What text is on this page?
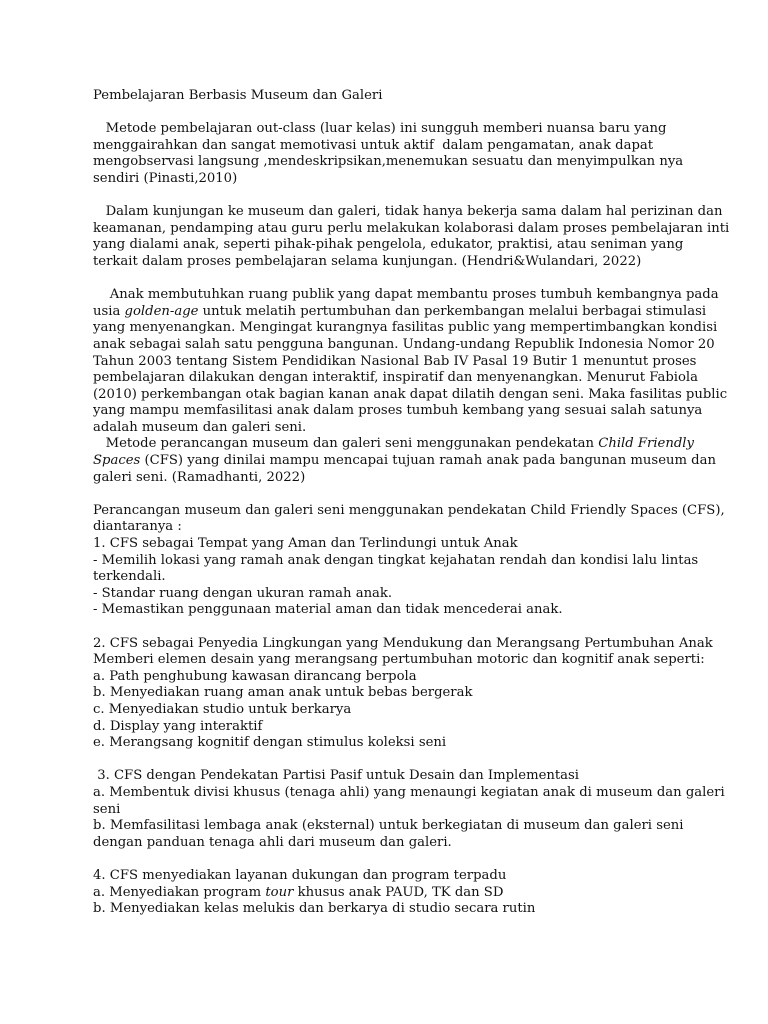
Pembelajaran Berbasis Museum dan Galeri
Metode pembelajaran out-class (luar kelas) ini sungguh memberi nuansa baru yang
menggairahkan dan sangat memotivasi untuk aktif  dalam pengamatan, anak dapat
mengobservasi langsung ,mendeskripsikan,menemukan sesuatu dan menyimpulkan nya
sendiri (Pinasti,2010)
Dalam kunjungan ke museum dan galeri, tidak hanya bekerja sama dalam hal perizinan dan
keamanan, pendamping atau guru perlu melakukan kolaborasi dalam proses pembelajaran inti
yang dialami anak, seperti pihak-pihak pengelola, edukator, praktisi, atau seniman yang
terkait dalam proses pembelajaran selama kunjungan. (Hendri&Wulandari, 2022)
Anak membutuhkan ruang publik yang dapat membantu proses tumbuh kembangnya pada
usia golden-age untuk melatih pertumbuhan dan perkembangan melalui berbagai stimulasi
yang menyenangkan. Mengingat kurangnya fasilitas public yang mempertimbangkan kondisi
anak sebagai salah satu pengguna bangunan. Undang-undang Republik Indonesia Nomor 20
Tahun 2003 tentang Sistem Pendidikan Nasional Bab IV Pasal 19 Butir 1 menuntut proses
pembelajaran dilakukan dengan interaktif, inspiratif dan menyenangkan. Menurut Fabiola
(2010) perkembangan otak bagian kanan anak dapat dilatih dengan seni. Maka fasilitas public
yang mampu memfasilitasi anak dalam proses tumbuh kembang yang sesuai salah satunya
adalah museum dan galeri seni.
Metode perancangan museum dan galeri seni menggunakan pendekatan Child Friendly
Spaces (CFS) yang dinilai mampu mencapai tujuan ramah anak pada bangunan museum dan
galeri seni. (Ramadhanti, 2022)
Perancangan museum dan galeri seni menggunakan pendekatan Child Friendly Spaces (CFS),
diantaranya :
1. CFS sebagai Tempat yang Aman dan Terlindungi untuk Anak
- Memilih lokasi yang ramah anak dengan tingkat kejahatan rendah dan kondisi lalu lintas
terkendali.
- Standar ruang dengan ukuran ramah anak.
- Memastikan penggunaan material aman dan tidak mencederai anak.
2. CFS sebagai Penyedia Lingkungan yang Mendukung dan Merangsang Pertumbuhan Anak
Memberi elemen desain yang merangsang pertumbuhan motoric dan kognitif anak seperti:
a. Path penghubung kawasan dirancang berpola
b. Menyediakan ruang aman anak untuk bebas bergerak
c. Menyediakan studio untuk berkarya
d. Display yang interaktif
e. Merangsang kognitif dengan stimulus koleksi seni
3. CFS dengan Pendekatan Partisi Pasif untuk Desain dan Implementasi
a. Membentuk divisi khusus (tenaga ahli) yang menaungi kegiatan anak di museum dan galeri
seni
b. Memfasilitasi lembaga anak (eksternal) untuk berkegiatan di museum dan galeri seni
dengan panduan tenaga ahli dari museum dan galeri.
4. CFS menyediakan layanan dukungan dan program terpadu
a. Menyediakan program tour khusus anak PAUD, TK dan SD
b. Menyediakan kelas melukis dan berkarya di studio secara rutin
